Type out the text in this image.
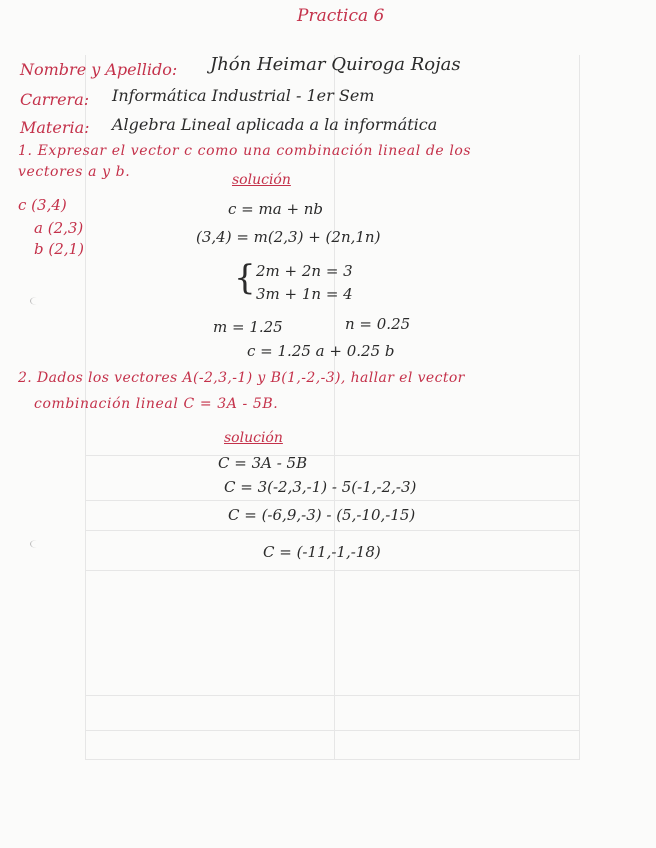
Practica 6
Nombre y Apellido: Jhón Heimar Quiroga Rojas
Carrera: Informática Industrial - 1er Sem
Materia: Algebra Lineal aplicada a la informática
1. Expresar el vector c como una combinación lineal de los
vectores a y b.
c (3,4)
a (2,3)
b (2,1)
solución
c = ma + nb
(3,4) = m(2,3) + (2n,1n)
{ 2m + 2n = 3
3m + 1n = 4
m = 1.25	n = 0.25
c = 1.25 a + 0.25 b
2. Dados los vectores A(-2,3,-1) y B(1,-2,-3), hallar el vector
combinación lineal C = 3A - 5B.
solución
C = 3A - 5B
C = 3(-2,3,-1) - 5(-1,-2,-3)
C = (-6,9,-3) - (5,-10,-15)
C = (-11,-1,-18)
